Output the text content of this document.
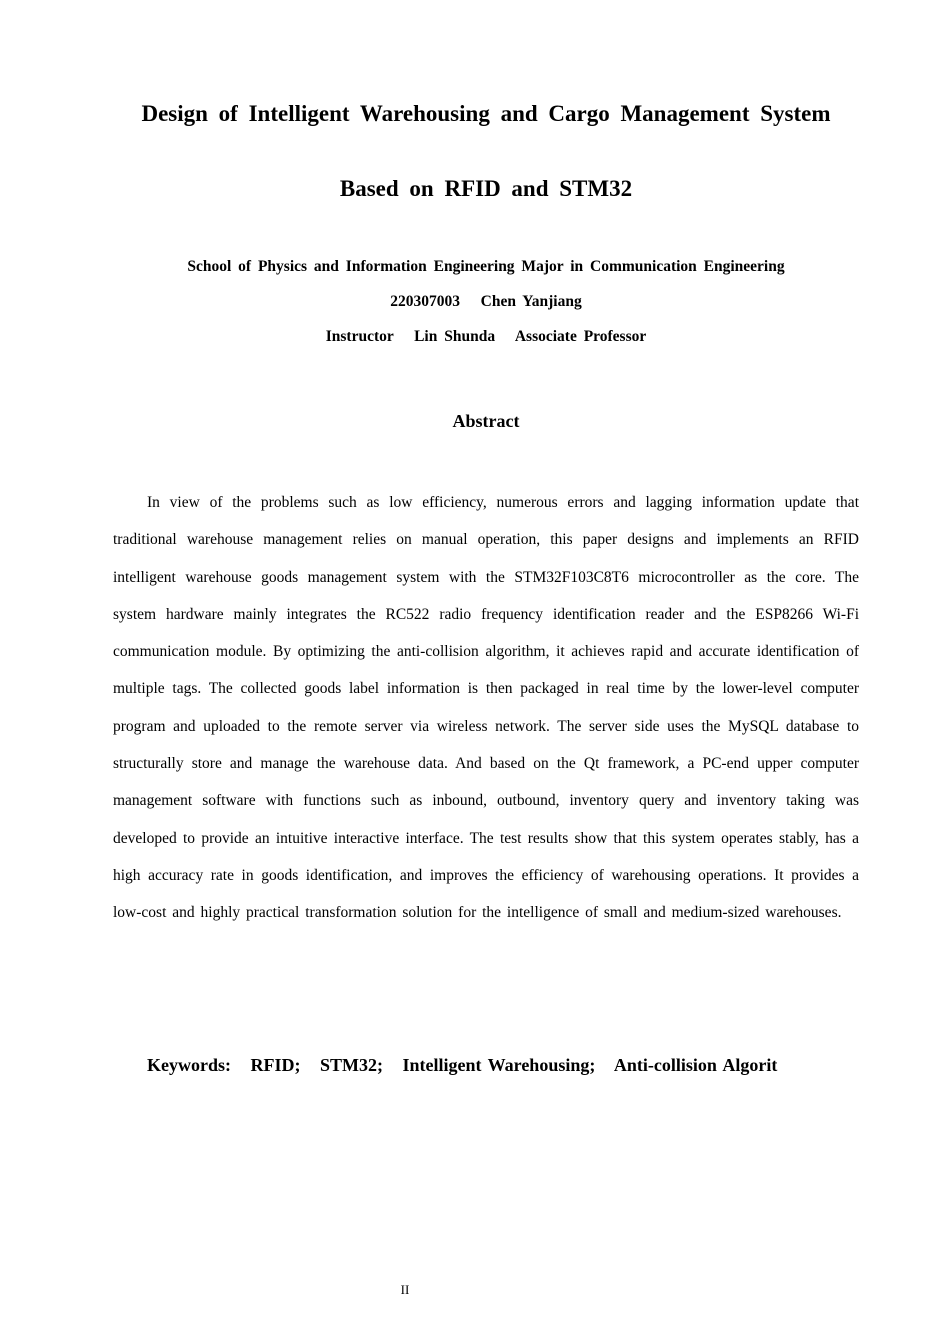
Design of Intelligent Warehousing and Cargo Management System
Based on RFID and STM32

School of Physics and Information Engineering Major in Communication Engineering

220307003   Chen Yanjiang

Instructor   Lin Shunda   Associate Professor

Abstract

In view of the problems such as low efficiency, numerous errors and lagging information update that traditional warehouse management relies on manual operation, this paper designs and implements an RFID intelligent warehouse goods management system with the STM32F103C8T6 microcontroller as the core. The system hardware mainly integrates the RC522 radio frequency identification reader and the ESP8266 Wi-Fi communication module. By optimizing the anti-collision algorithm, it achieves rapid and accurate identification of multiple tags. The collected goods label information is then packaged in real time by the lower-level computer program and uploaded to the remote server via wireless network. The server side uses the MySQL database to structurally store and manage the warehouse data. And based on the Qt framework, a PC-end upper computer management software with functions such as inbound, outbound, inventory query and inventory taking was developed to provide an intuitive interactive interface. The test results show that this system operates stably, has a high accuracy rate in goods identification, and improves the efficiency of warehousing operations. It provides a low-cost and highly practical transformation solution for the intelligence of small and medium-sized warehouses.

Keywords:   RFID;   STM32;   Intelligent Warehousing;   Anti-collision Algorit

II
